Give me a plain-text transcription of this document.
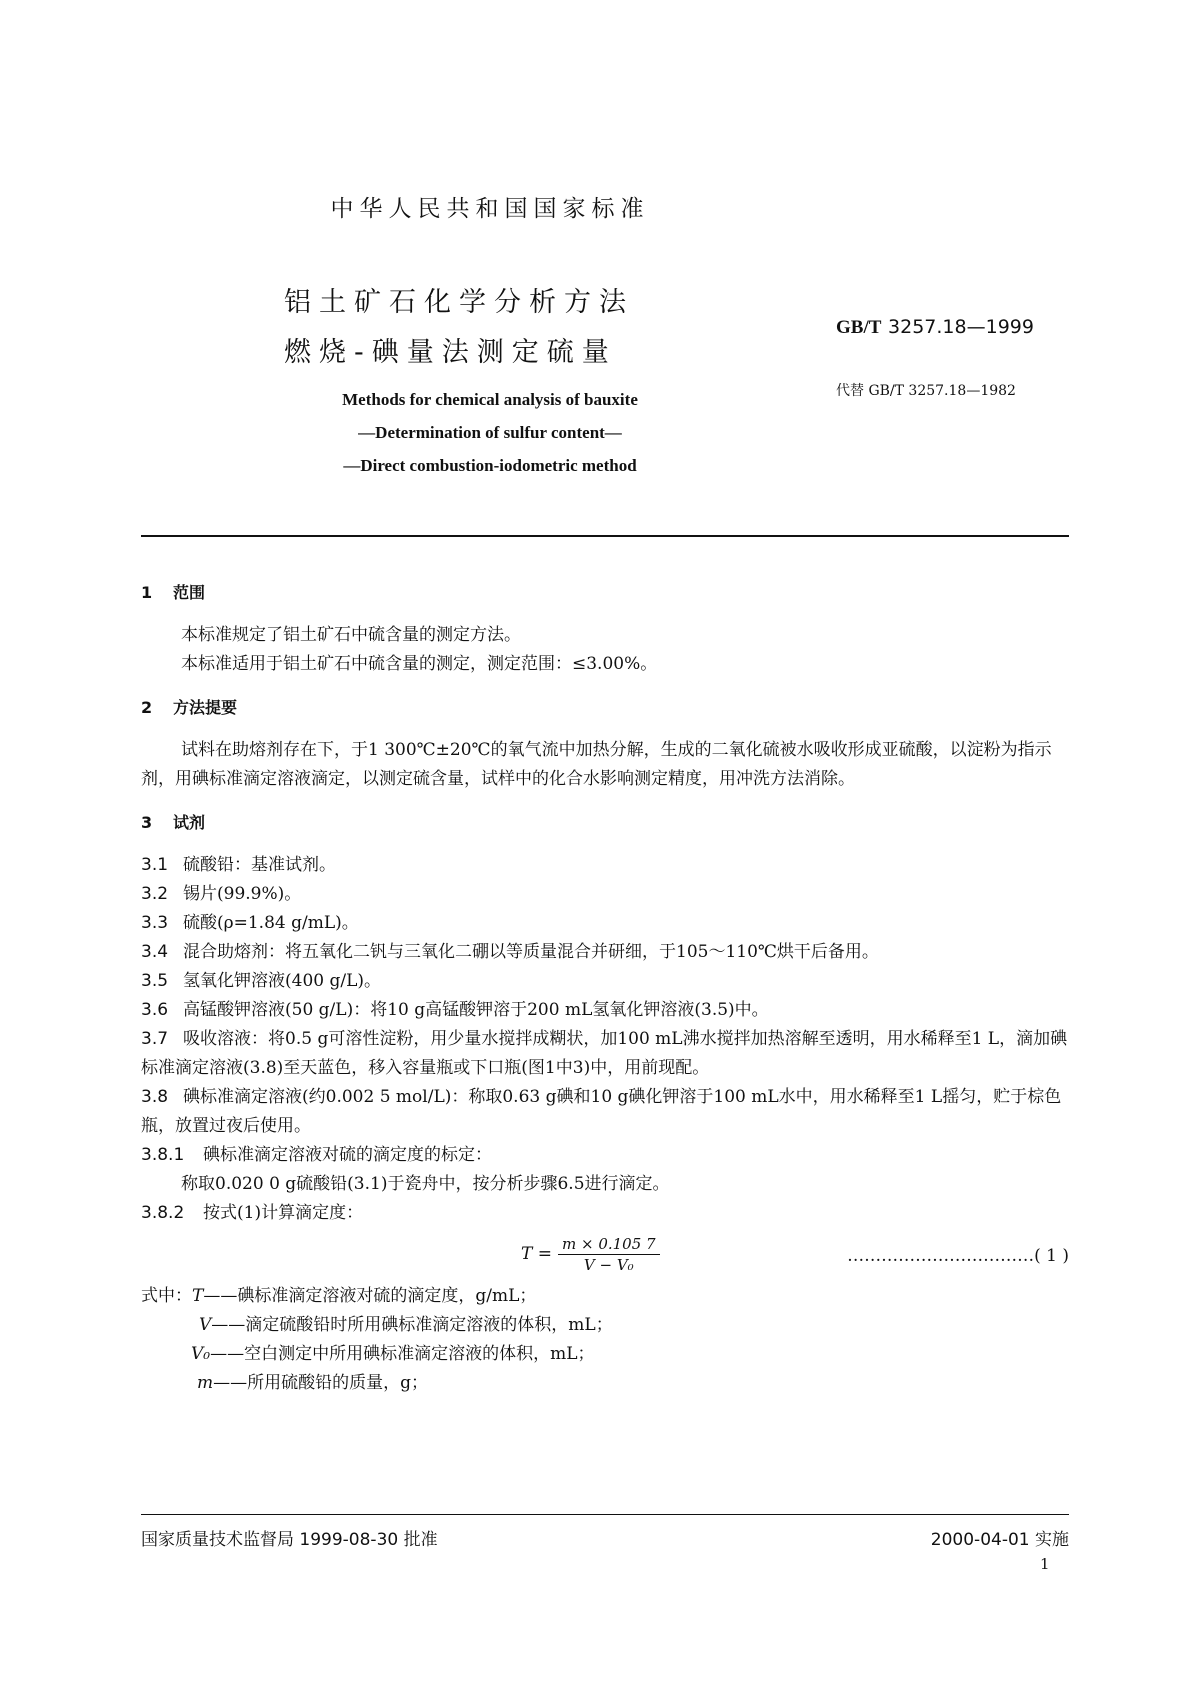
中华人民共和国国家标准
铝土矿石化学分析方法
燃烧-碘量法测定硫量
GB/T 3257.18—1999
代替 GB/T 3257.18—1982
Methods for chemical analysis of bauxite
—Determination of sulfur content—
—Direct combustion-iodometric method
1 范围
本标准规定了铝土矿石中硫含量的测定方法。
本标准适用于铝土矿石中硫含量的测定，测定范围：≤3.00%。
2 方法提要
试料在助熔剂存在下，于1 300℃±20℃的氧气流中加热分解，生成的二氧化硫被水吸收形成亚硫酸，以淀粉为指示剂，用碘标准滴定溶液滴定，以测定硫含量，试样中的化合水影响测定精度，用冲洗方法消除。
3 试剂
3.1 硫酸铅：基准试剂。
3.2 锡片(99.9%)。
3.3 硫酸(ρ=1.84 g/mL)。
3.4 混合助熔剂：将五氧化二钒与三氧化二硼以等质量混合并研细，于105～110℃烘干后备用。
3.5 氢氧化钾溶液(400 g/L)。
3.6 高锰酸钾溶液(50 g/L)：将10 g高锰酸钾溶于200 mL氢氧化钾溶液(3.5)中。
3.7 吸收溶液：将0.5 g可溶性淀粉，用少量水搅拌成糊状，加100 mL沸水搅拌加热溶解至透明，用水稀释至1 L，滴加碘标准滴定溶液(3.8)至天蓝色，移入容量瓶或下口瓶(图1中3)中，用前现配。
3.8 碘标准滴定溶液(约0.002 5 mol/L)：称取0.63 g碘和10 g碘化钾溶于100 mL水中，用水稀释至1 L摇匀，贮于棕色瓶，放置过夜后使用。
3.8.1 碘标准滴定溶液对硫的滴定度的标定：
称取0.020 0 g硫酸铅(3.1)于瓷舟中，按分析步骤6.5进行滴定。
3.8.2 按式(1)计算滴定度：
$T = \frac{m \times 0.105 7}{\text{V − V₀}}$	……………………………( 1 )
式中：T——碘标准滴定溶液对硫的滴定度，g/mL；
V——滴定硫酸铅时所用碘标准滴定溶液的体积，mL；
V₀——空白测定中所用碘标准滴定溶液的体积，mL；
m——所用硫酸铅的质量，g；
国家质量技术监督局 1999-08-30 批准	2000-04-01 实施
1
